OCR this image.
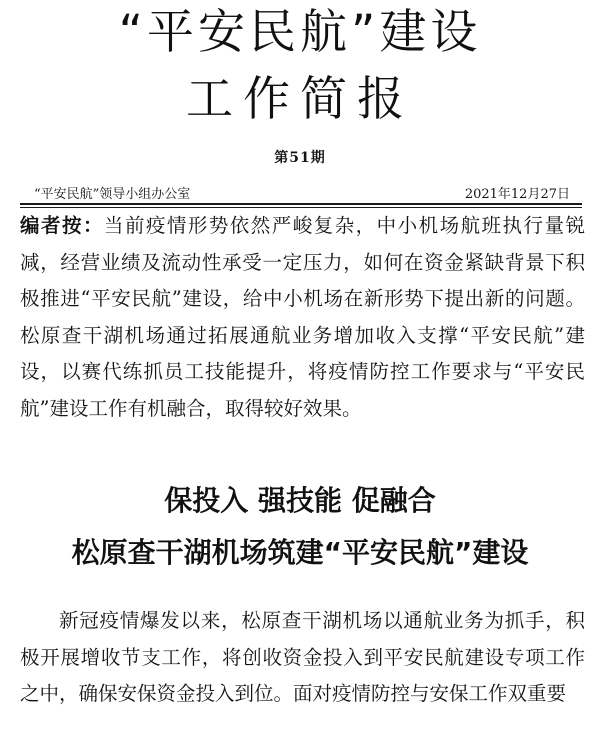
“平安民航”建设
工作简报
第51期
“平安民航”领导小组办公室	2021年12月27日
编者按：当前疫情形势依然严峻复杂，中小机场航班执行量锐减，经营业绩及流动性承受一定压力，如何在资金紧缺背景下积极推进“平安民航”建设，给中小机场在新形势下提出新的问题。松原查干湖机场通过拓展通航业务增加收入支撑“平安民航”建设，以赛代练抓员工技能提升，将疫情防控工作要求与“平安民航”建设工作有机融合，取得较好效果。
保投入 强技能 促融合
松原查干湖机场筑建“平安民航”建设
新冠疫情爆发以来，松原查干湖机场以通航业务为抓手，积极开展增收节支工作，将创收资金投入到平安民航建设专项工作之中，确保安保资金投入到位。面对疫情防控与安保工作双重要
